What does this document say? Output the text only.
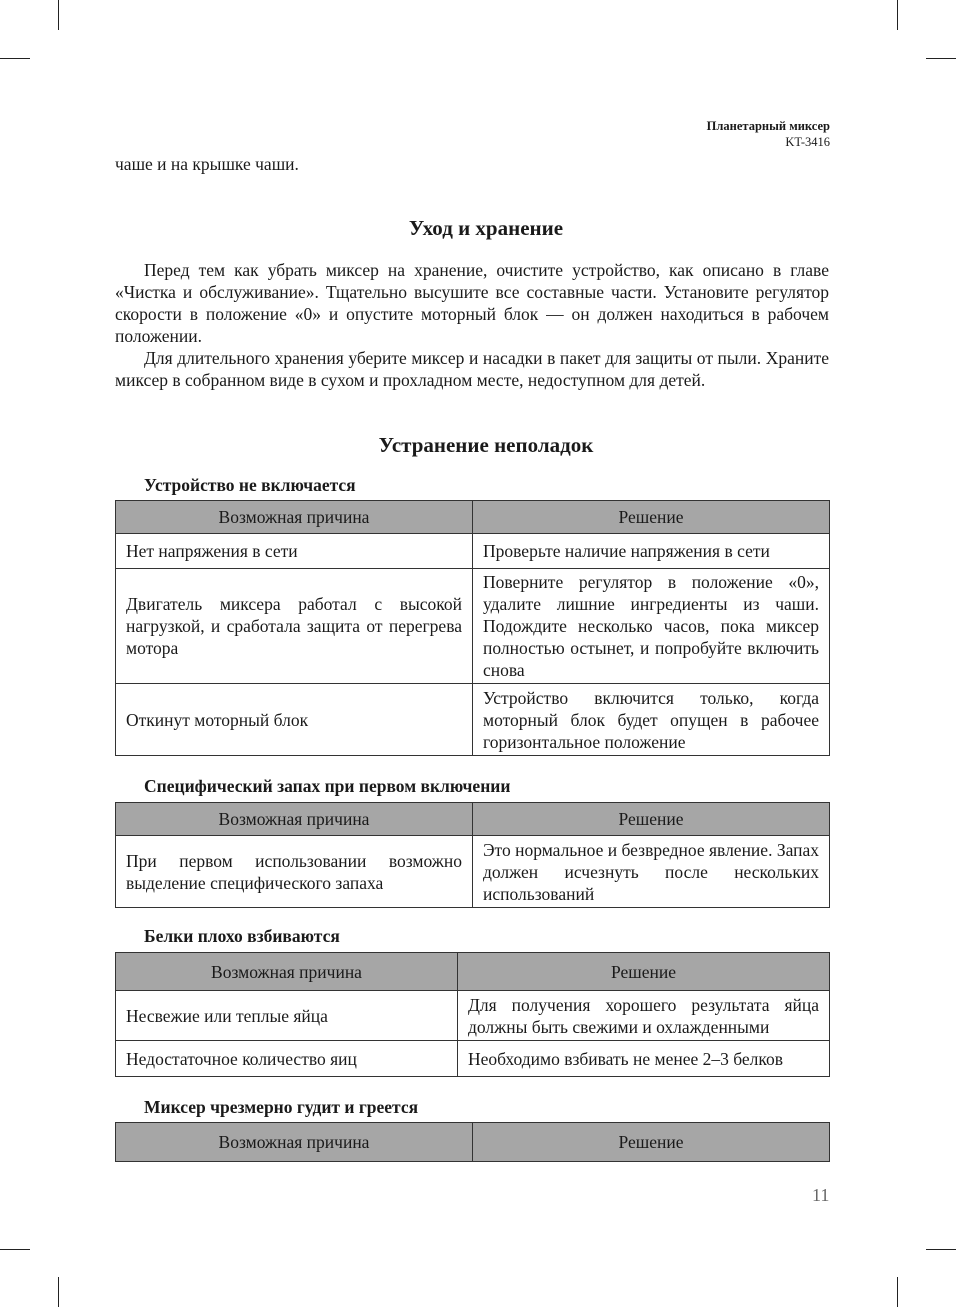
Планетарный миксер
KT-3416

чаше и на крышке чаши.

Уход и хранение

Перед тем как убрать миксер на хранение, очистите устройство, как описано в главе «Чистка и обслуживание». Тщательно высушите все составные части. Установите регулятор скорости в положение «0» и опустите моторный блок — он должен находиться в рабочем положении.

Для длительного хранения уберите миксер и насадки в пакет для защиты от пыли. Храните миксер в собранном виде в сухом и прохладном месте, недоступном для детей.

Устранение неполадок
Устройство не включается
Возможная причина	Решение
Нет напряжения в сети	Проверьте наличие напряжения в сети
Двигатель миксера работал с высокой нагрузкой, и сработала защита от перегрева мотора	Поверните регулятор в положение «0», удалите лишние ингредиенты из чаши. Подождите несколько часов, пока миксер полностью остынет, и попробуйте включить снова
Откинут моторный блок	Устройство включится только, когда моторный блок будет опущен в рабочее горизонтальное положение
Специфический запах при первом включении
Возможная причина	Решение
При первом использовании возможно выделение специфического запаха	Это нормальное и безвредное явление. Запах должен исчезнуть после нескольких использований
Белки плохо взбиваются
Возможная причина	Решение
Несвежие или теплые яйца	Для получения хорошего результата яйца должны быть свежими и охлажденными
Недостаточное количество яиц	Необходимо взбивать не менее 2–3 белков
Миксер чрезмерно гудит и греется
Возможная причина	Решение
11
